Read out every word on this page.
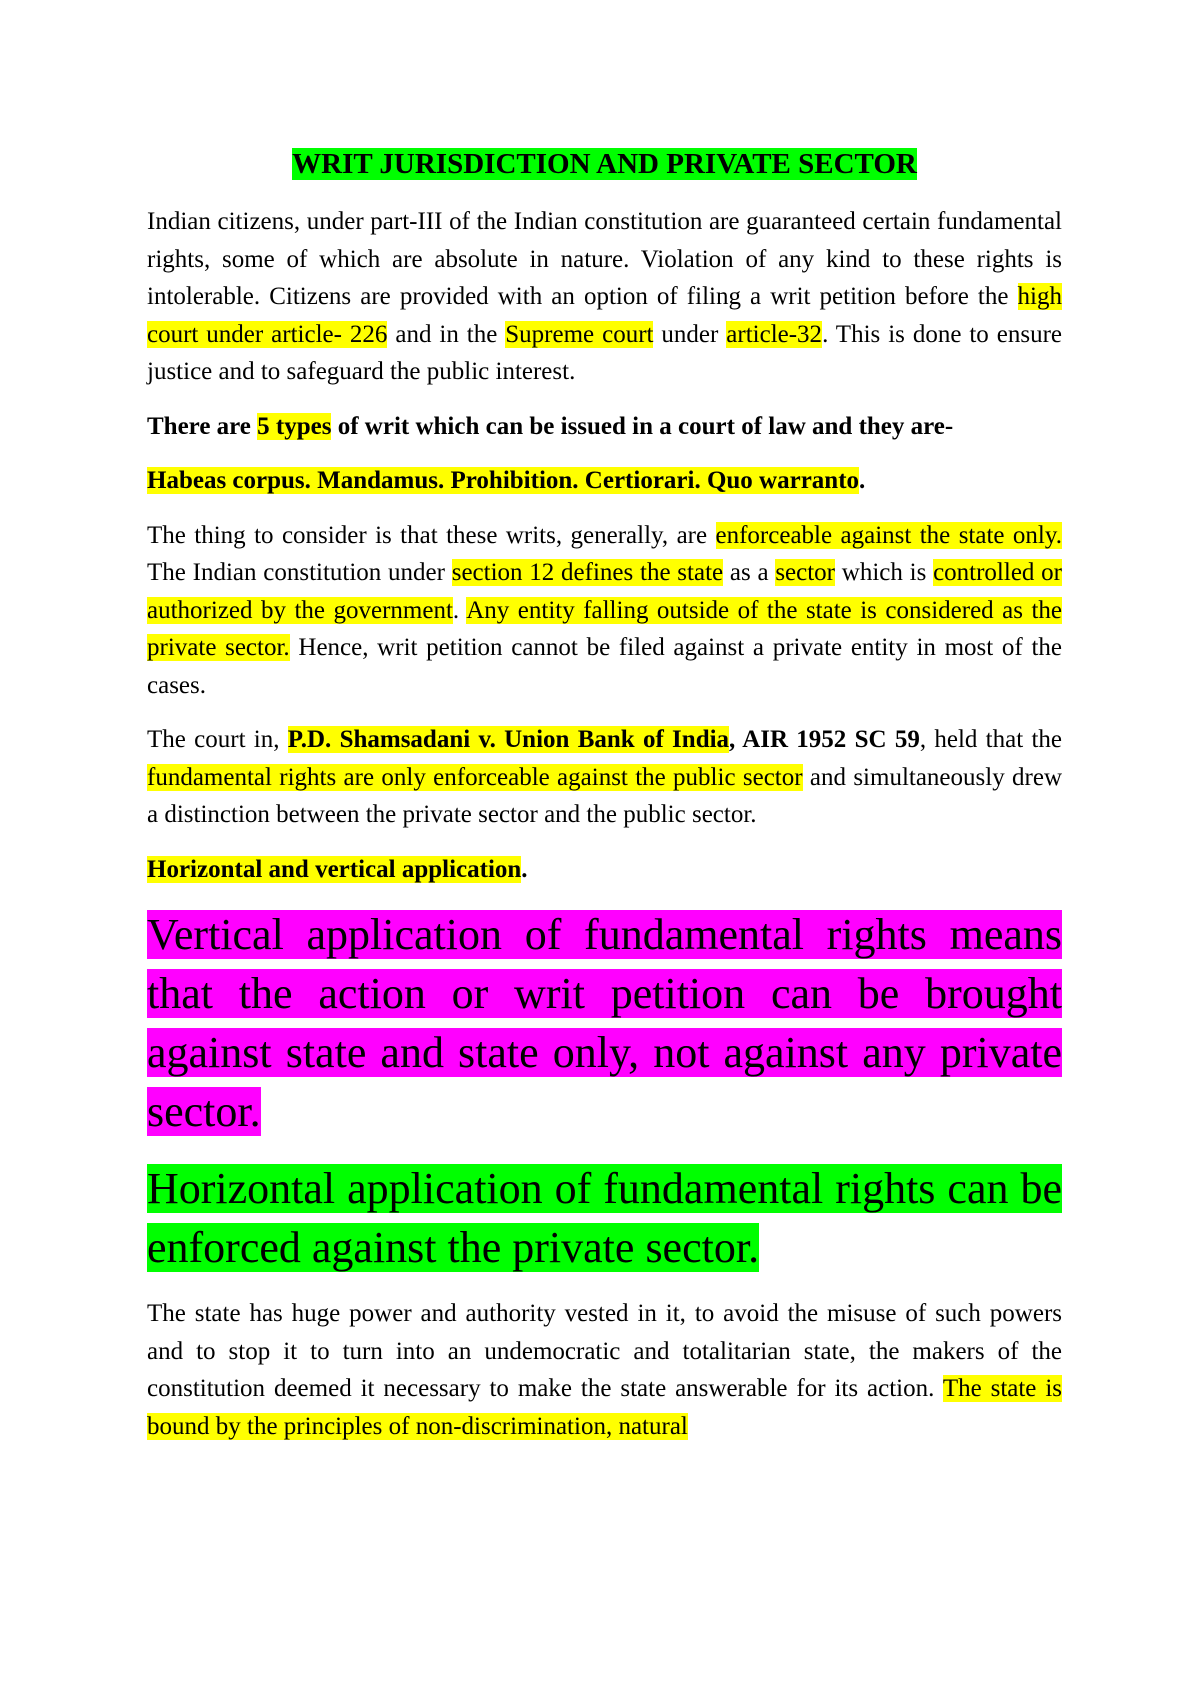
WRIT JURISDICTION AND PRIVATE SECTOR

Indian citizens, under part-III of the Indian constitution are guaranteed certain fundamental rights, some of which are absolute in nature. Violation of any kind to these rights is intolerable. Citizens are provided with an option of filing a writ petition before the high court under article- 226 and in the Supreme court under article-32. This is done to ensure justice and to safeguard the public interest.

There are 5 types of writ which can be issued in a court of law and they are-

Habeas corpus. Mandamus. Prohibition. Certiorari. Quo warranto.

The thing to consider is that these writs, generally, are enforceable against the state only. The Indian constitution under section 12 defines the state as a sector which is controlled or authorized by the government. Any entity falling outside of the state is considered as the private sector. Hence, writ petition cannot be filed against a private entity in most of the cases.

The court in, P.D. Shamsadani v. Union Bank of India, AIR 1952 SC 59, held that the fundamental rights are only enforceable against the public sector and simultaneously drew a distinction between the private sector and the public sector.

Horizontal and vertical application.

Vertical application of fundamental rights means that the action or writ petition can be brought against state and state only, not against any private sector.

Horizontal application of fundamental rights can be enforced against the private sector.

The state has huge power and authority vested in it, to avoid the misuse of such powers and to stop it to turn into an undemocratic and totalitarian state, the makers of the constitution deemed it necessary to make the state answerable for its action. The state is bound by the principles of non-discrimination, natural
